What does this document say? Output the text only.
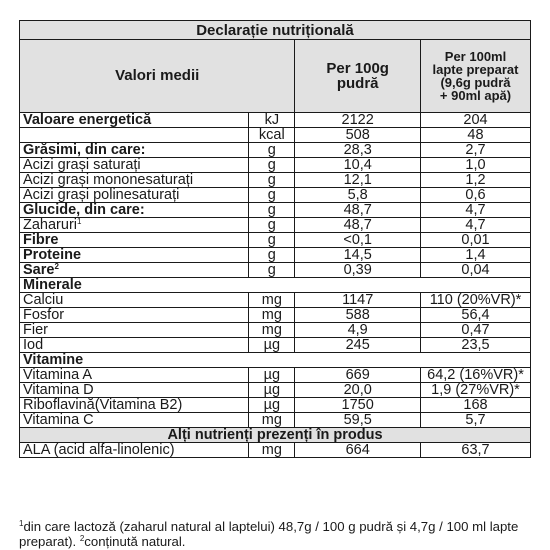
Declarație nutrițională			
Valori medii		Per 100g pudră	Per 100ml
lapte preparat
(9,6g pudră
+ 90ml apă)

Valoare energetică	kJ	2122	204
	kcal	508	48
Grăsimi, din care:	g	28,3	2,7
Acizi grași saturați	g	10,4	1,0
Acizi grași mononesaturați	g	12,1	1,2
Acizi grași polinesaturați	g	5,8	0,6
Glucide, din care:	g	48,7	4,7
Zaharuri$^1$	g	48,7	4,7
Fibre	g	<0,1	0,01
Proteine	g	14,5	1,4
Sare$^2$	g	0,39	0,04
Minerale			
Calciu	mg	1147	110 (20%VR)*
Fosfor	mg	588	56,4
Fier	mg	4,9	0,47
Iod	µg	245	23,5
Vitamine			
Vitamina A	µg	669	64,2 (16%VR)*
Vitamina D	µg	20,0	1,9 (27%VR)*
Riboflavină(Vitamina B2)	µg	1750	168
Vitamina C	mg	59,5	5,7
Alți nutrienți prezenți în produs			
ALA (acid alfa-linolenic)	mg	664	63,7
$^1$din care lactoză (zaharul natural al laptelui) 48,7g / 100 g pudră și 4,7g / 100 ml lapte preparat). $^2$conținută natural.
